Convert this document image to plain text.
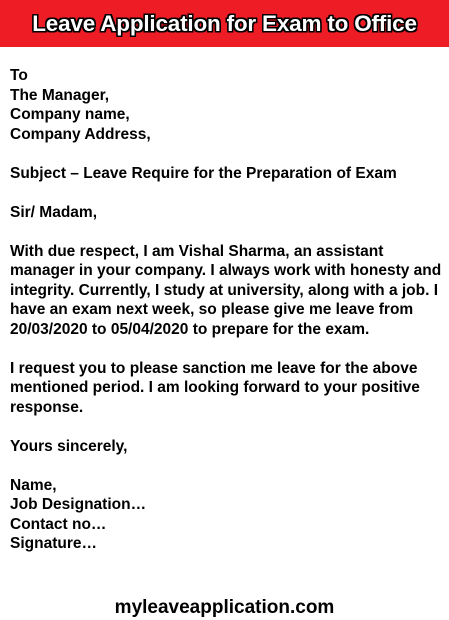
Leave Application for Exam to Office
To
The Manager,
Company name,
Company Address,
Subject – Leave Require for the Preparation of Exam
Sir/ Madam,
With due respect, I am Vishal Sharma, an assistant manager in your company. I always work with honesty and integrity. Currently, I study at university, along with a job. I have an exam next week, so please give me leave from 20/03/2020 to 05/04/2020 to prepare for the exam.
I request you to please sanction me leave for the above mentioned period. I am looking forward to your positive response.
Yours sincerely,
Name,
Job Designation…
Contact no…
Signature…
myleaveapplication.com
